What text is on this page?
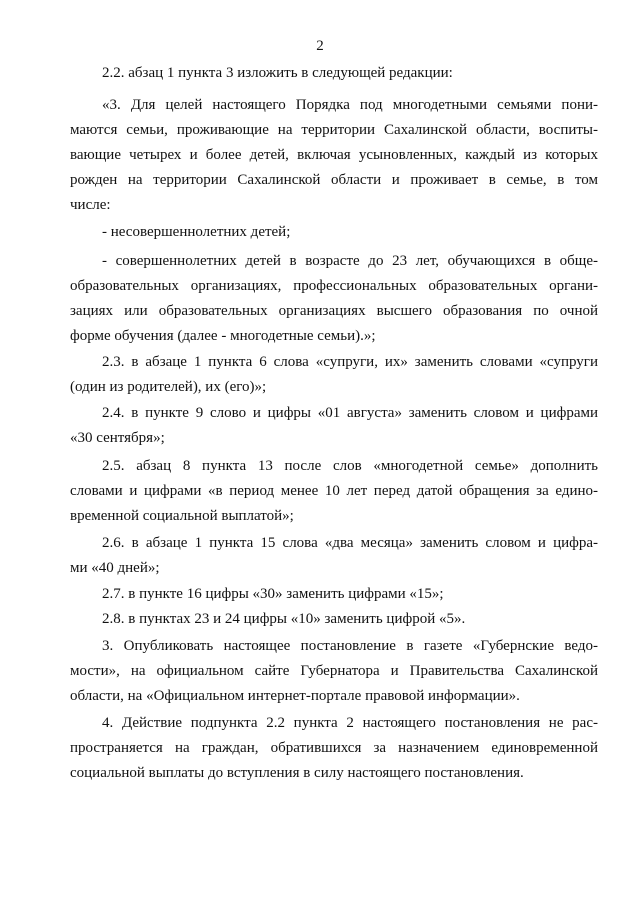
2

2.2. абзац 1 пункта 3 изложить в следующей редакции:

«3. Для целей настоящего Порядка под многодетными семьями пони-

маются семьи, проживающие на территории Сахалинской области, воспиты-

вающие четырех и более детей, включая усыновленных, каждый из которых

рожден на территории Сахалинской области и проживает в семье, в том

числе:

- несовершеннолетних детей;

- совершеннолетних детей в возрасте до 23 лет, обучающихся в обще-

образовательных организациях, профессиональных образовательных органи-

зациях или образовательных организациях высшего образования по очной

форме обучения (далее - многодетные семьи).»;

2.3. в абзаце 1 пункта 6 слова «супруги, их» заменить словами «супруги

(один из родителей), их (его)»;

2.4. в пункте 9 слово и цифры «01 августа» заменить словом и цифрами

«30 сентября»;

2.5. абзац 8 пункта 13 после слов «многодетной семье» дополнить

словами и цифрами «в период менее 10 лет перед датой обращения за едино-

временной социальной выплатой»;

2.6. в абзаце 1 пункта 15 слова «два месяца» заменить словом и цифра-

ми «40 дней»;

2.7. в пункте 16 цифры «30» заменить цифрами «15»;

2.8. в пунктах 23 и 24 цифры «10» заменить цифрой «5».

3. Опубликовать настоящее постановление в газете «Губернские ведо-

мости», на официальном сайте Губернатора и Правительства Сахалинской

области, на «Официальном интернет-портале правовой информации».

4. Действие подпункта 2.2 пункта 2 настоящего постановления не рас-

пространяется на граждан, обратившихся за назначением единовременной

социальной выплаты до вступления в силу настоящего постановления.
